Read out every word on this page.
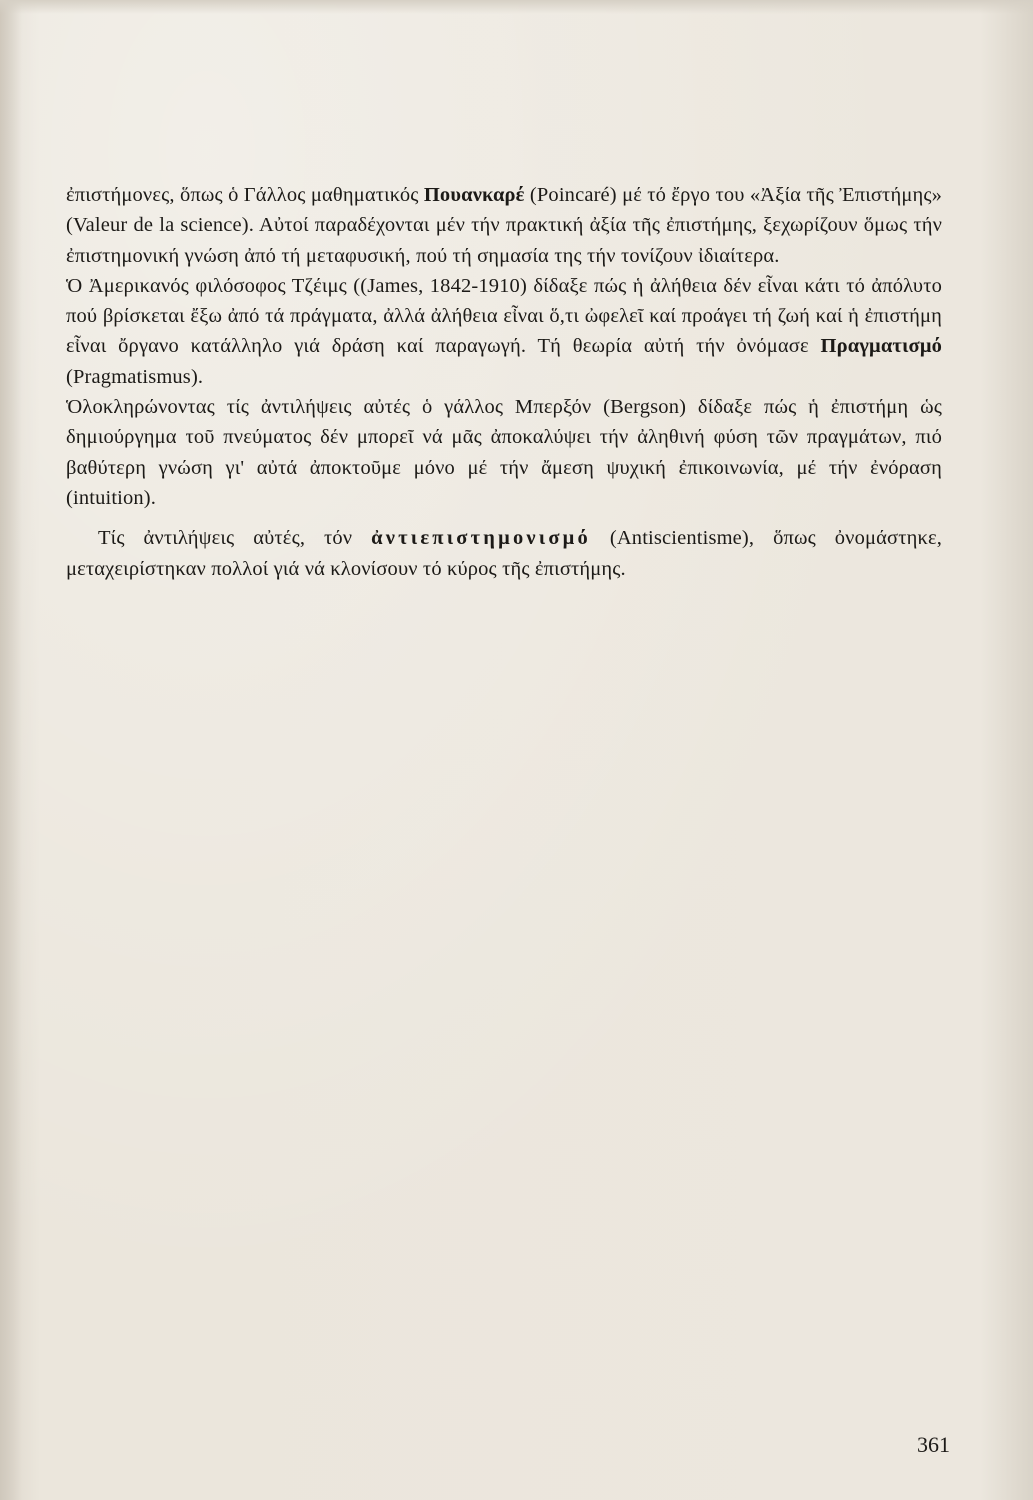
ἐπιστήμονες, ὅπως ὁ Γάλλος μαθηματικός Πουανκαρέ (Poincaré) μέ τό ἔργο του «Ἀξία τῆς Ἐπιστήμης» (Valeur de la science). Αὐτοί παραδέχονται μέν τήν πρακτική ἀξία τῆς ἐπιστήμης, ξεχωρίζουν ὅμως τήν ἐπιστημονική γνώση ἀπό τή μεταφυσική, πού τή σημασία της τήν τονίζουν ἰδιαίτερα.

Ὁ Ἀμερικανός φιλόσοφος Τζέιμς ((James, 1842-1910) δίδαξε πώς ἡ ἀλήθεια δέν εἶναι κάτι τό ἀπόλυτο πού βρίσκεται ἔξω ἀπό τά πράγματα, ἀλλά ἀλήθεια εἶναι ὅ,τι ὠφελεῖ καί προάγει τή ζωή καί ἡ ἐπιστήμη εἶναι ὄργανο κατάλληλο γιά δράση καί παραγωγή. Τή θεωρία αὐτή τήν ὀνόμασε Πραγματισμό (Pragmatismus).

Ὁλοκληρώνοντας τίς ἀντιλήψεις αὐτές ὁ γάλλος Μπερξόν (Bergson) δίδαξε πώς ἡ ἐπιστήμη ὡς δημιούργημα τοῦ πνεύματος δέν μπορεῖ νά μᾶς ἀποκαλύψει τήν ἀληθινή φύση τῶν πραγμάτων, πιό βαθύτερη γνώση γι' αὐτά ἀποκτοῦμε μόνο μέ τήν ἄμεση ψυχική ἐπικοινωνία, μέ τήν ἐνόραση (intuition).

Τίς ἀντιλήψεις αὐτές, τόν ἀντιεπιστημονισμό (Antiscientisme), ὅπως ὀνομάστηκε, μεταχειρίστηκαν πολλοί γιά νά κλονίσουν τό κύρος τῆς ἐπιστήμης.

361
